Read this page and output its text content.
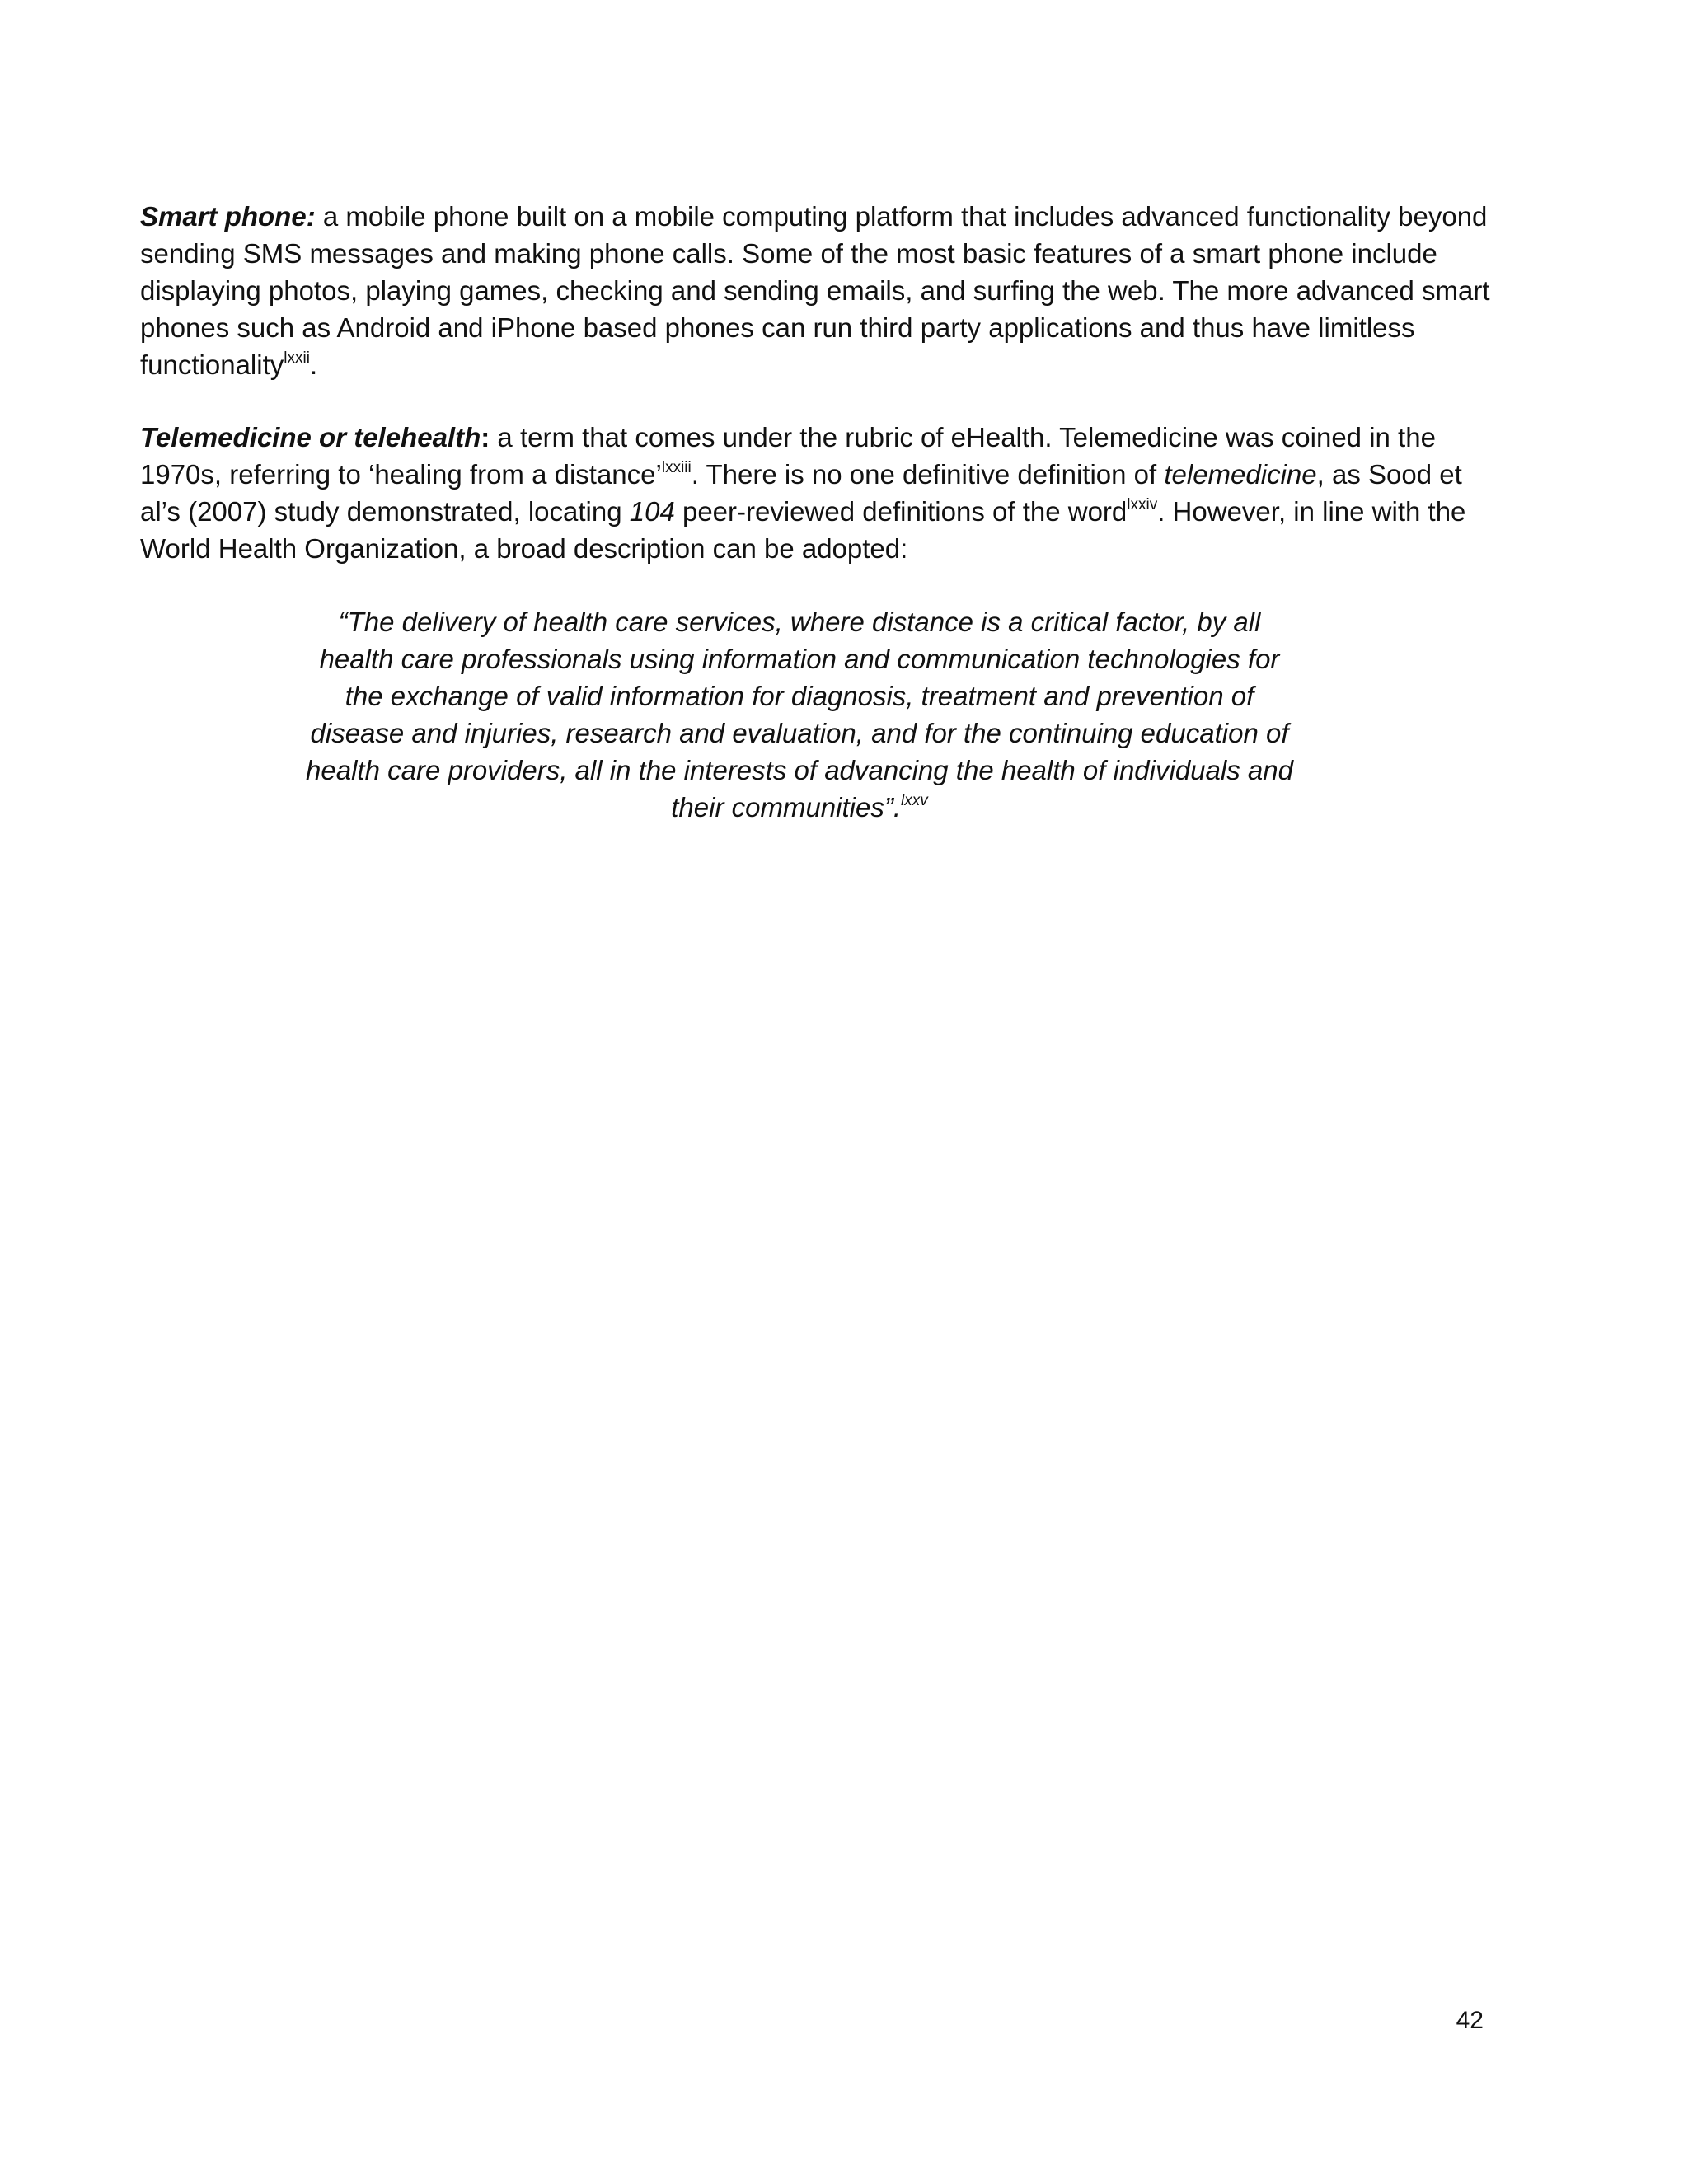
Smart phone: a mobile phone built on a mobile computing platform that includes advanced functionality beyond sending SMS messages and making phone calls. Some of the most basic features of a smart phone include displaying photos, playing games, checking and sending emails, and surfing the web. The more advanced smart phones such as Android and iPhone based phones can run third party applications and thus have limitless functionality$^{lxxii}$.

Telemedicine or telehealth: a term that comes under the rubric of eHealth. Telemedicine was coined in the 1970s, referring to ‘healing from a distance’$^{lxxiii}$. There is no one definitive definition of telemedicine, as Sood et al’s (2007) study demonstrated, locating 104 peer-reviewed definitions of the word$^{lxxiv}$. However, in line with the World Health Organization, a broad description can be adopted:

“The delivery of health care services, where distance is a critical factor, by all health care professionals using information and communication technologies for the exchange of valid information for diagnosis, treatment and prevention of disease and injuries, research and evaluation, and for the continuing education of health care providers, all in the interests of advancing the health of individuals and their communities”.$^{lxxv}$

42
